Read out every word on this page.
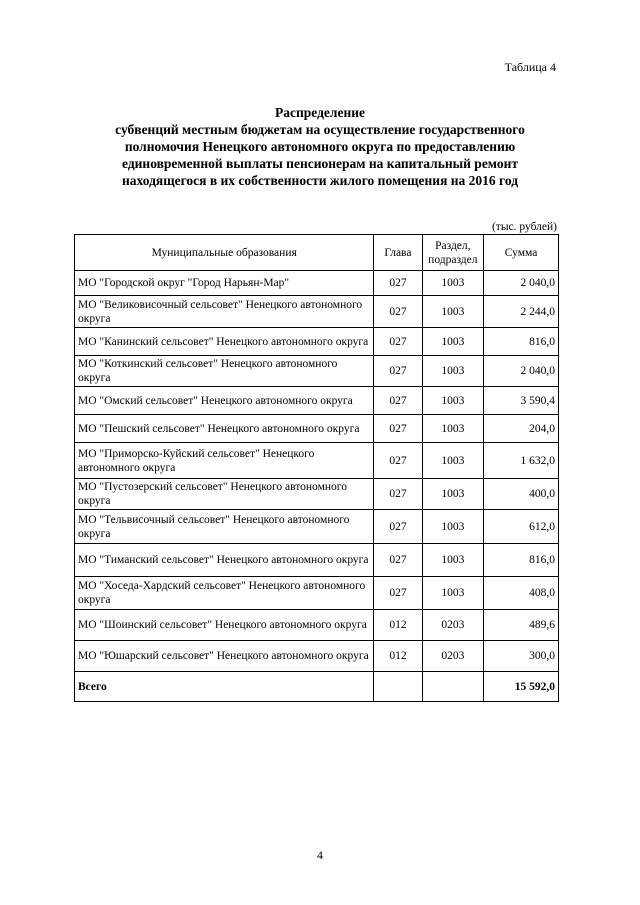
Таблица 4
Распределение
субвенций местным бюджетам на осуществление государственного
полномочия Ненецкого автономного округа по предоставлению
единовременной выплаты пенсионерам на капитальный ремонт
находящегося в их собственности жилого помещения на 2016 год
(тыс. рублей)
Муниципальные образования	Глава	Раздел, подраздел	Сумма
МО "Городской округ "Город Нарьян-Мар"	027	1003	2 040,0
МО "Великовисочный сельсовет" Ненецкого автономного округа	027	1003	2 244,0
МО "Канинский сельсовет" Ненецкого автономного округа	027	1003	816,0
МО "Коткинский сельсовет" Ненецкого автономного округа	027	1003	2 040,0
МО "Омский сельсовет" Ненецкого автономного округа	027	1003	3 590,4
МО "Пешский сельсовет" Ненецкого автономного округа	027	1003	204,0
МО "Приморско-Куйский сельсовет" Ненецкого автономного округа	027	1003	1 632,0
МО "Пустозерский сельсовет" Ненецкого автономного округа	027	1003	400,0
МО "Тельвисочный сельсовет" Ненецкого автономного округа	027	1003	612,0
МО "Тиманский сельсовет" Ненецкого автономного округа	027	1003	816,0
МО "Хоседа-Хардский сельсовет" Ненецкого автономного округа	027	1003	408,0
МО "Шоинский сельсовет" Ненецкого автономного округа	012	0203	489,6
МО "Юшарский сельсовет" Ненецкого автономного округа	012	0203	300,0
Всего			15 592,0
4
